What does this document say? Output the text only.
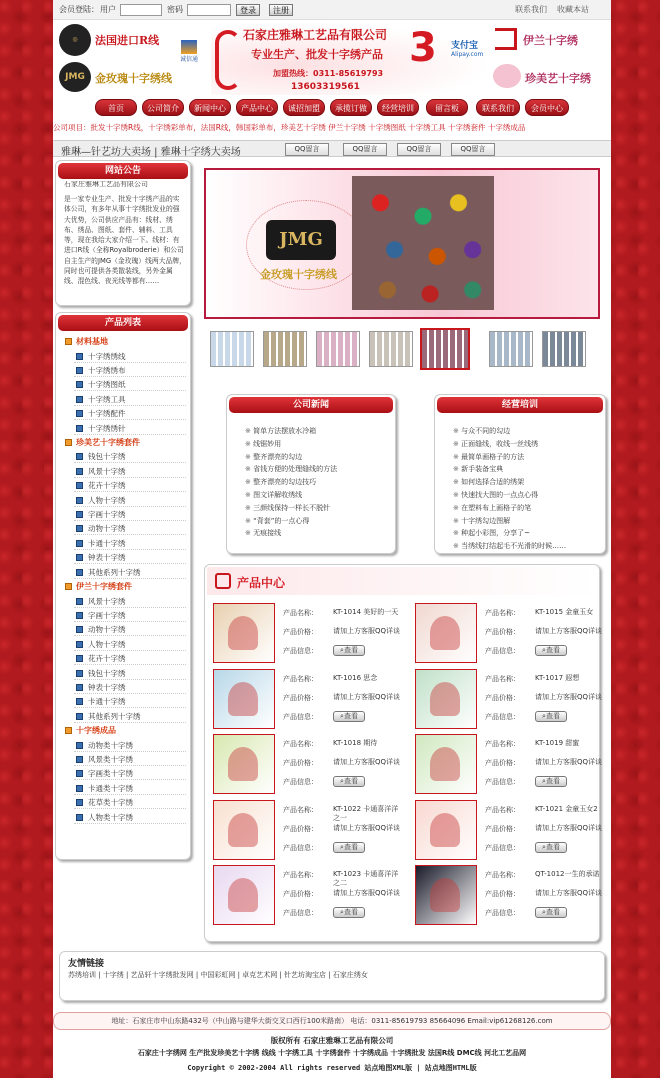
会员登陆： 用户	密码	登录	注册	联系我们 收藏本站
◎	法国进口R线
JMG 金玫瑰十字绣线
诚信通
石家庄雅琳工艺品有限公司
专业生产、批发十字绣产品
加盟热线：0311-85619793
13603319561
3 支付宝
Alipay.com
伊兰十字绣
珍美艺十字绣
首页	公司简介	新闻中心	产品中心	诚招加盟	承揽订做	经营培训	留言板	联系我们	会员中心
公司项目：批发十字绣R线，十字绣彩单布，法国R线，韩国彩单布，珍美艺十字绣 伊兰十字绣 十字绣图纸 十字绣工具 十字绣套件 十字绣成品
雅琳—针艺坊大卖场 | 雅琳十字绣大卖场	QQ留言	QQ留言	QQ留言	QQ留言
网站公告
石家庄雅琳工艺品有限公司
是一家专业生产、批发十字绣产品的实体公司，有多年从事十字绣批发业的强大优势，公司供应产品有：线材、绣布、绣品、图纸、套件、辅料、工具等，现在我给大家介绍一下。线材：有进口R线（全称Royalbroderie）和公司自主生产的JMG（金玫瑰）线两大品牌，同时也可提供各类散装线，另外金属线、混色线、夜光线等都有……
产品列表
材料基地
十字绣绣线
十字绣绣布
十字绣图纸
十字绣工具
十字绣配件
十字绣绣针
珍美艺十字绣套件
钱包十字绣
风景十字绣
花卉十字绣
人物十字绣
字画十字绣
动物十字绣
卡通十字绣
钟表十字绣
其他系列十字绣
伊兰十字绣套件
风景十字绣
字画十字绣
动物十字绣
人物十字绣
花卉十字绣
钱包十字绣
钟表十字绣
卡通十字绣
其他系列十字绣
十字绣成品
动物类十字绣
风景类十字绣
字画类十字绣
卡通类十字绣
花草类十字绣
人物类十字绣
JMG
金玫瑰十字绣线
公司新闻
※ 简单方法摆放水冷箱
※ 线锯妙用
※ 整齐漂亮的勾边
※ 省钱方便的处理缝线的方法
※ 整齐漂亮的勾边技巧
※ 图文详解收绣线
※ 三颜线保持一样长不脱针
※ “背套”的一点心得
※ 无痕接线
经营培训
※ 与众不同的勾边
※ 正面缝线，收线一丝线绣
※ 最简单画格子的方法
※ 新手装备宝典
※ 如何选择合适的绣架
※ 快速找大图的一点点心得
※ 在塑料布上画格子的笔
※ 十字绣勾边图解
※ 种起小彩图，分享了~
※ 当绣线打结起毛不光滑的时候……
产品中心
产品名称： KT-1014 美好的一天
产品价格： 请加上方客服QQ详谈
产品信息：	⌕查看
产品名称： KT-1015 金童玉女
产品价格： 请加上方客服QQ详谈
产品信息：	⌕查看
产品名称： KT-1016 思念
产品价格： 请加上方客服QQ详谈
产品信息：	⌕查看
产品名称： KT-1017 遐想
产品价格： 请加上方客服QQ详谈
产品信息：	⌕查看
产品名称： KT-1018 期待
产品价格： 请加上方客服QQ详谈
产品信息：	⌕查看
产品名称： KT-1019 甜蜜
产品价格： 请加上方客服QQ详谈
产品信息：	⌕查看
产品名称： KT-1022 卡通喜洋洋之一
产品价格： 请加上方客服QQ详谈
产品信息：	⌕查看
产品名称： KT-1021 金童玉女2
产品价格： 请加上方客服QQ详谈
产品信息：	⌕查看
产品名称： KT-1023 卡通喜洋洋之二
产品价格： 请加上方客服QQ详谈
产品信息：	⌕查看
产品名称： QT-1012一生的承诺
产品价格： 请加上方客服QQ详谈
产品信息：	⌕查看
友情链接
苏绣培训 | 十字绣 | 艺品轩十字绣批发网 | 中国彩虹网 | 卓克艺术网 | 针艺坊淘宝店 | 石家庄绣女
地址：石家庄市中山东路432号（中山路与建华大街交叉口西行100米路南） 电话：0311-85619793 85664096 Email:vip61268126.com
版权所有 石家庄雅琳工艺品有限公司
石家庄十字绣网 生产批发珍美艺十字绣 线线 十字绣工具 十字绣套件 十字绣成品 十字绣批发 法国R线 DMC线 河北工艺品网
Copyright © 2002-2004 All rights reserved 站点地图XML版 | 站点地图HTML版
